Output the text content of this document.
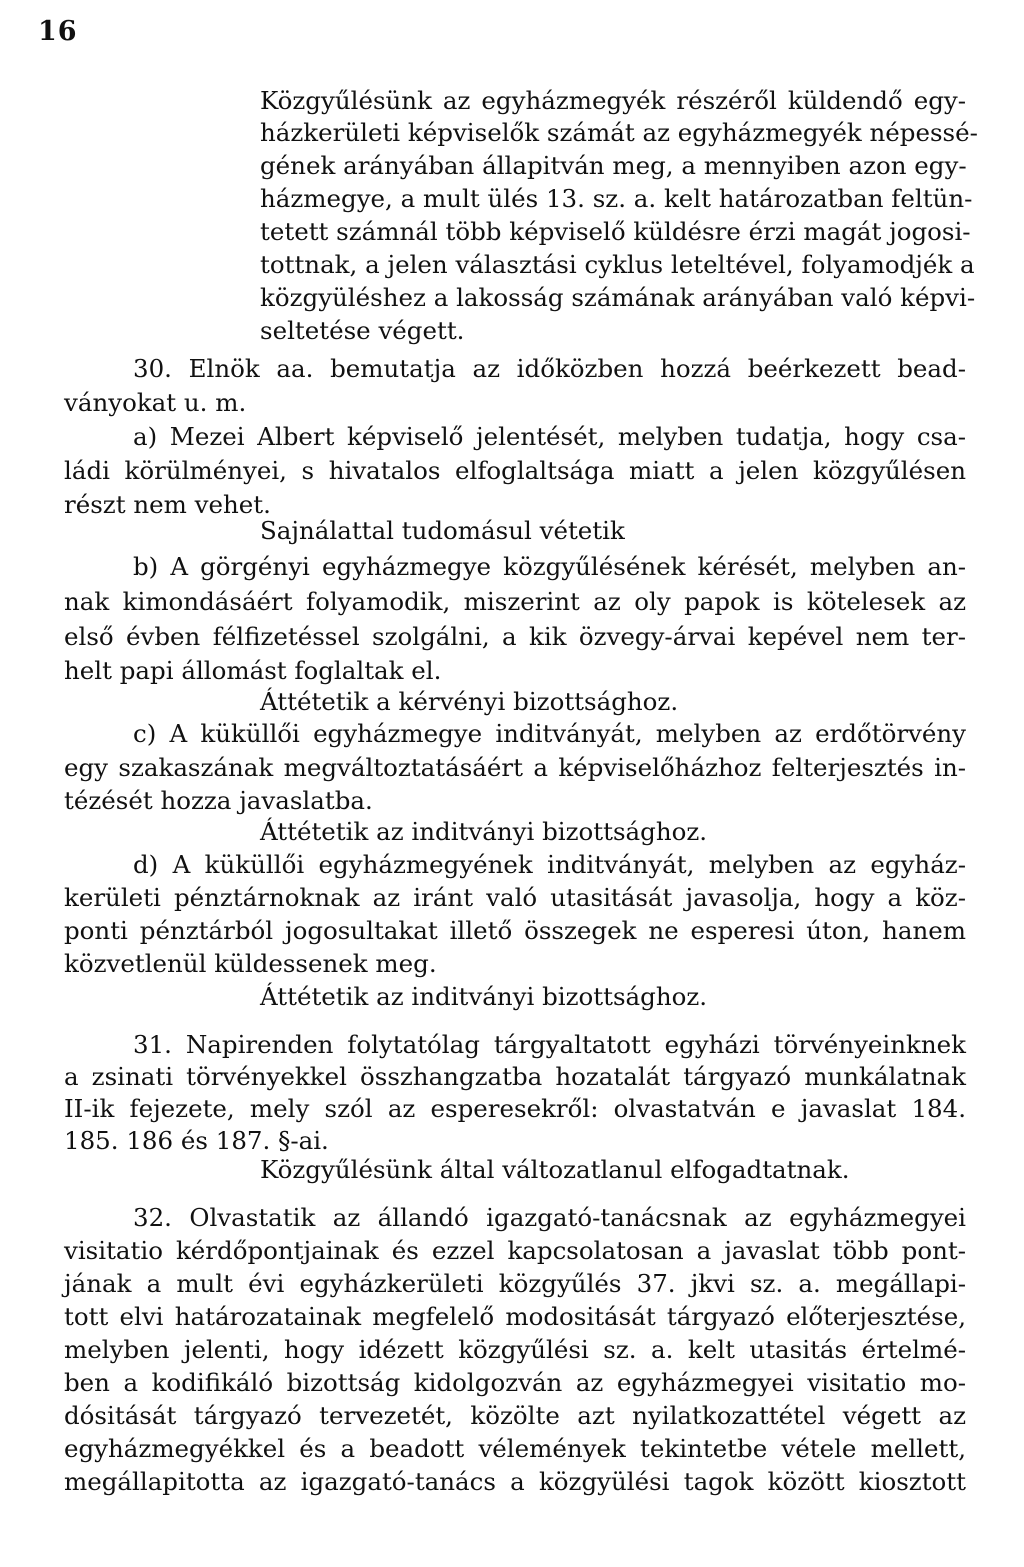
16
Közgyűlésünk az egyházmegyék részéről küldendő egy-
házkerületi képviselők számát az egyházmegyék népessé-
gének arányában állapitván meg, a mennyiben azon egy-
házmegye, a mult ülés 13. sz. a. kelt határozatban feltün-
tetett számnál több képviselő küldésre érzi magát jogosi-
tottnak, a jelen választási cyklus leteltével, folyamodjék a
közgyüléshez a lakosság számának arányában való képvi-
seltetése végett.
30. Elnök aa. bemutatja az időközben hozzá beérkezett bead-
ványokat u. m.
a) Mezei Albert képviselő jelentését, melyben tudatja, hogy csa-
ládi körülményei, s hivatalos elfoglaltsága miatt a jelen közgyűlésen
részt nem vehet.
Sajnálattal tudomásul vétetik
b) A görgényi egyházmegye közgyűlésének kérését, melyben an-
nak kimondásáért folyamodik, miszerint az oly papok is kötelesek az
első évben félfizetéssel szolgálni, a kik özvegy-árvai kepével nem ter-
helt papi állomást foglaltak el.
Áttétetik a kérvényi bizottsághoz.
c) A küküllői egyházmegye inditványát, melyben az erdőtörvény
egy szakaszának megváltoztatásáért a képviselőházhoz felterjesztés in-
tézését hozza javaslatba.
Áttétetik az inditványi bizottsághoz.
d) A küküllői egyházmegyének inditványát, melyben az egyház-
kerületi pénztárnoknak az iránt való utasitását javasolja, hogy a köz-
ponti pénztárból jogosultakat illető összegek ne esperesi úton, hanem
közvetlenül küldessenek meg.
Áttétetik az inditványi bizottsághoz.
31. Napirenden folytatólag tárgyaltatott egyházi törvényeinknek
a zsinati törvényekkel összhangzatba hozatalát tárgyazó munkálatnak
II-ik fejezete, mely szól az esperesekről: olvastatván e javaslat 184.
185. 186 és 187. §-ai.
Közgyűlésünk által változatlanul elfogadtatnak.
32. Olvastatik az állandó igazgató-tanácsnak az egyházmegyei
visitatio kérdőpontjainak és ezzel kapcsolatosan a javaslat több pont-
jának a mult évi egyházkerületi közgyűlés 37. jkvi sz. a. megállapi-
tott elvi határozatainak megfelelő modositását tárgyazó előterjesztése,
melyben jelenti, hogy idézett közgyűlési sz. a. kelt utasitás értelmé-
ben a kodifikáló bizottság kidolgozván az egyházmegyei visitatio mo-
dósitását tárgyazó tervezetét, közölte azt nyilatkozattétel végett az
egyházmegyékkel és a beadott vélemények tekintetbe vétele mellett,
megállapitotta az igazgató-tanács a közgyülési tagok között kiosztott
